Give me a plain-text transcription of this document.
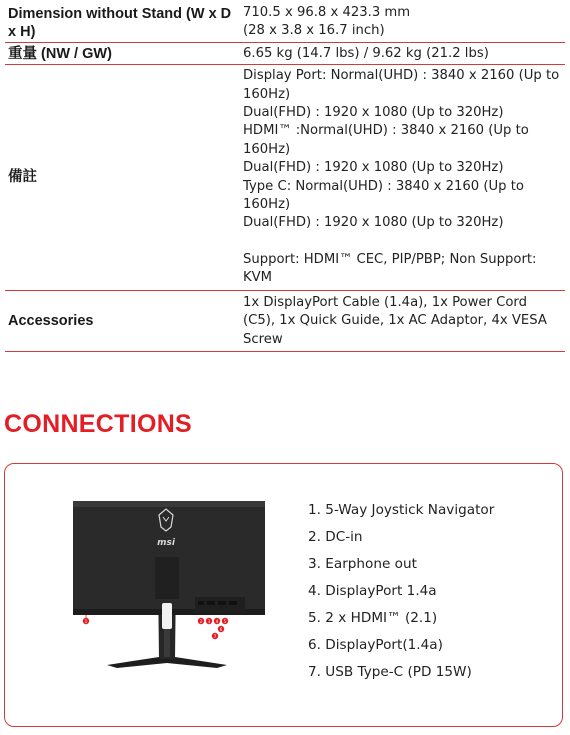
Dimension without Stand (W x D x H)

710.5 x 96.8 x 423.3 mm

(28 x 3.8 x 16.7 inch)

重量 (NW / GW)	6.65 kg (14.7 lbs) / 9.62 kg (21.2 lbs)

備註

Display Port: Normal(UHD) : 3840 x 2160 (Up to 160Hz)

Dual(FHD) : 1920 x 1080 (Up to 320Hz)

HDMI™ :Normal(UHD) : 3840 x 2160 (Up to 160Hz)

Dual(FHD) : 1920 x 1080 (Up to 320Hz)

Type C: Normal(UHD) : 3840 x 2160 (Up to 160Hz)

Dual(FHD) : 1920 x 1080 (Up to 320Hz)

Support: HDMI™ CEC, PIP/PBP; Non Support: KVM

Accessories

1x DisplayPort Cable (1.4a), 1x Power Cord (C5), 1x Quick Guide, 1x AC Adaptor, 4x VESA Screw

CONNECTIONS
msi
1	2 3 4 5
6
7
1. 5-Way Joystick Navigator
2. DC-in
3. Earphone out
4. DisplayPort 1.4a
5. 2 x HDMI™ (2.1)
6. DisplayPort(1.4a)
7. USB Type-C (PD 15W)
